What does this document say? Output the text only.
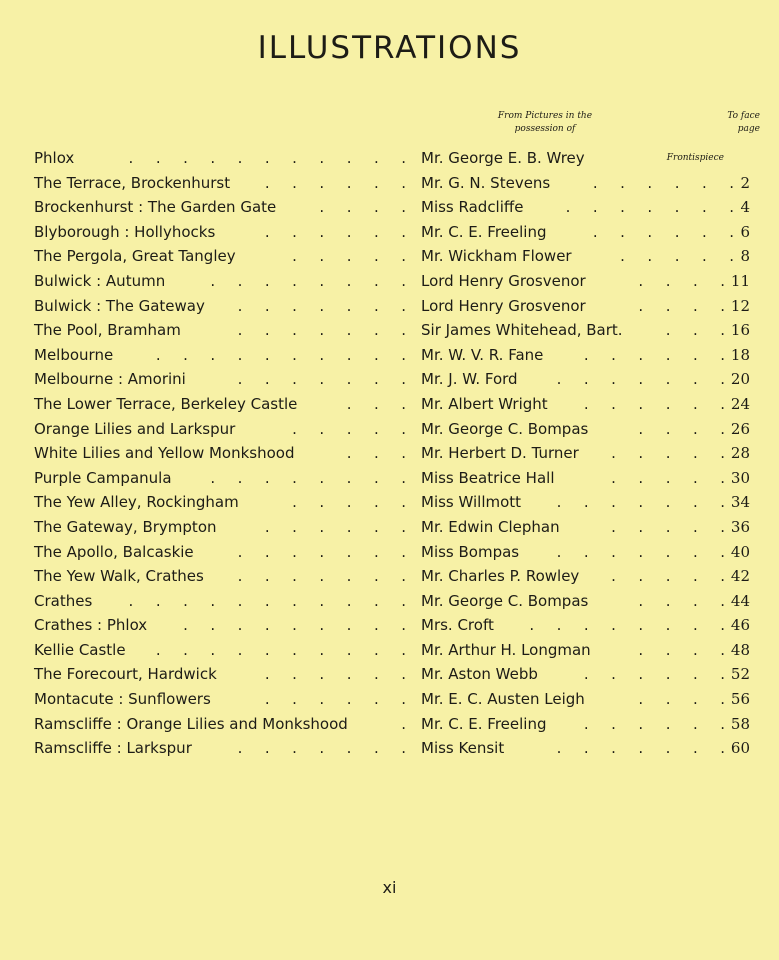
ILLUSTRATIONS
From Pictures in the
possession of
To face
page
Phlox	Mr. George E. B. Wrey	Frontispiece
.  .  .  .  .  .  .  .  .  .  .
The Terrace, Brockenhurst	Mr. G. N. Stevens	2
.  .  .  .  .  .	.  .  .  .  .  .
Brockenhurst : The Garden Gate	Miss Radcliffe	4
.  .  .  .	.  .  .  .  .  .  .
Blyborough : Hollyhocks	Mr. C. E. Freeling	6
.  .  .  .  .  .	.  .  .  .  .  .
The Pergola, Great Tangley	Mr. Wickham Flower	8
.  .  .  .  .	.  .  .  .  .
Bulwick : Autumn	Lord Henry Grosvenor	11
.  .  .  .  .  .  .  .	.  .  .  .
Bulwick : The Gateway	Lord Henry Grosvenor	12
.  .  .  .  .  .  .	.  .  .  .
The Pool, Bramham	Sir James Whitehead, Bart.	16
.  .  .  .  .  .  .	.  .  .
Melbourne	Mr. W. V. R. Fane	18
.  .  .  .  .  .  .  .  .  .	.  .  .  .  .  .
Melbourne : Amorini	Mr. J. W. Ford	20
.  .  .  .  .  .  .	.  .  .  .  .  .  .
The Lower Terrace, Berkeley Castle	Mr. Albert Wright	24
.  .  .	.  .  .  .  .  .
Orange Lilies and Larkspur	Mr. George C. Bompas	26
.  .  .  .  .	.  .  .  .
White Lilies and Yellow Monkshood	Mr. Herbert D. Turner	28
.  .  .	.  .  .  .  .
Purple Campanula	Miss Beatrice Hall	30
.  .  .  .  .  .  .  .	.  .  .  .  .
The Yew Alley, Rockingham	Miss Willmott	34
.  .  .  .  .	.  .  .  .  .  .  .
The Gateway, Brympton	Mr. Edwin Clephan	36
.  .  .  .  .  .	.  .  .  .  .
The Apollo, Balcaskie	Miss Bompas	40
.  .  .  .  .  .  .	.  .  .  .  .  .  .
The Yew Walk, Crathes	Mr. Charles P. Rowley	42
.  .  .  .  .  .  .	.  .  .  .  .
Crathes	Mr. George C. Bompas	44
.  .  .  .  .  .  .  .  .  .  .	.  .  .  .
Crathes : Phlox	Mrs. Croft	46
.  .  .  .  .  .  .  .  .	.  .  .  .  .  .  .  .
Kellie Castle	Mr. Arthur H. Longman	48
.  .  .  .  .  .  .  .  .  .	.  .  .  .
The Forecourt, Hardwick	Mr. Aston Webb	52
.  .  .  .  .  .	.  .  .  .  .  .
Montacute : Sunflowers	Mr. E. C. Austen Leigh	56
.  .  .  .  .  .	.  .  .  .
Ramscliffe : Orange Lilies and Monkshood	Mr. C. E. Freeling	58
.	.  .  .  .  .  .
Ramscliffe : Larkspur	Miss Kensit	60
.  .  .  .  .  .  .	.  .  .  .  .  .  .
xi
